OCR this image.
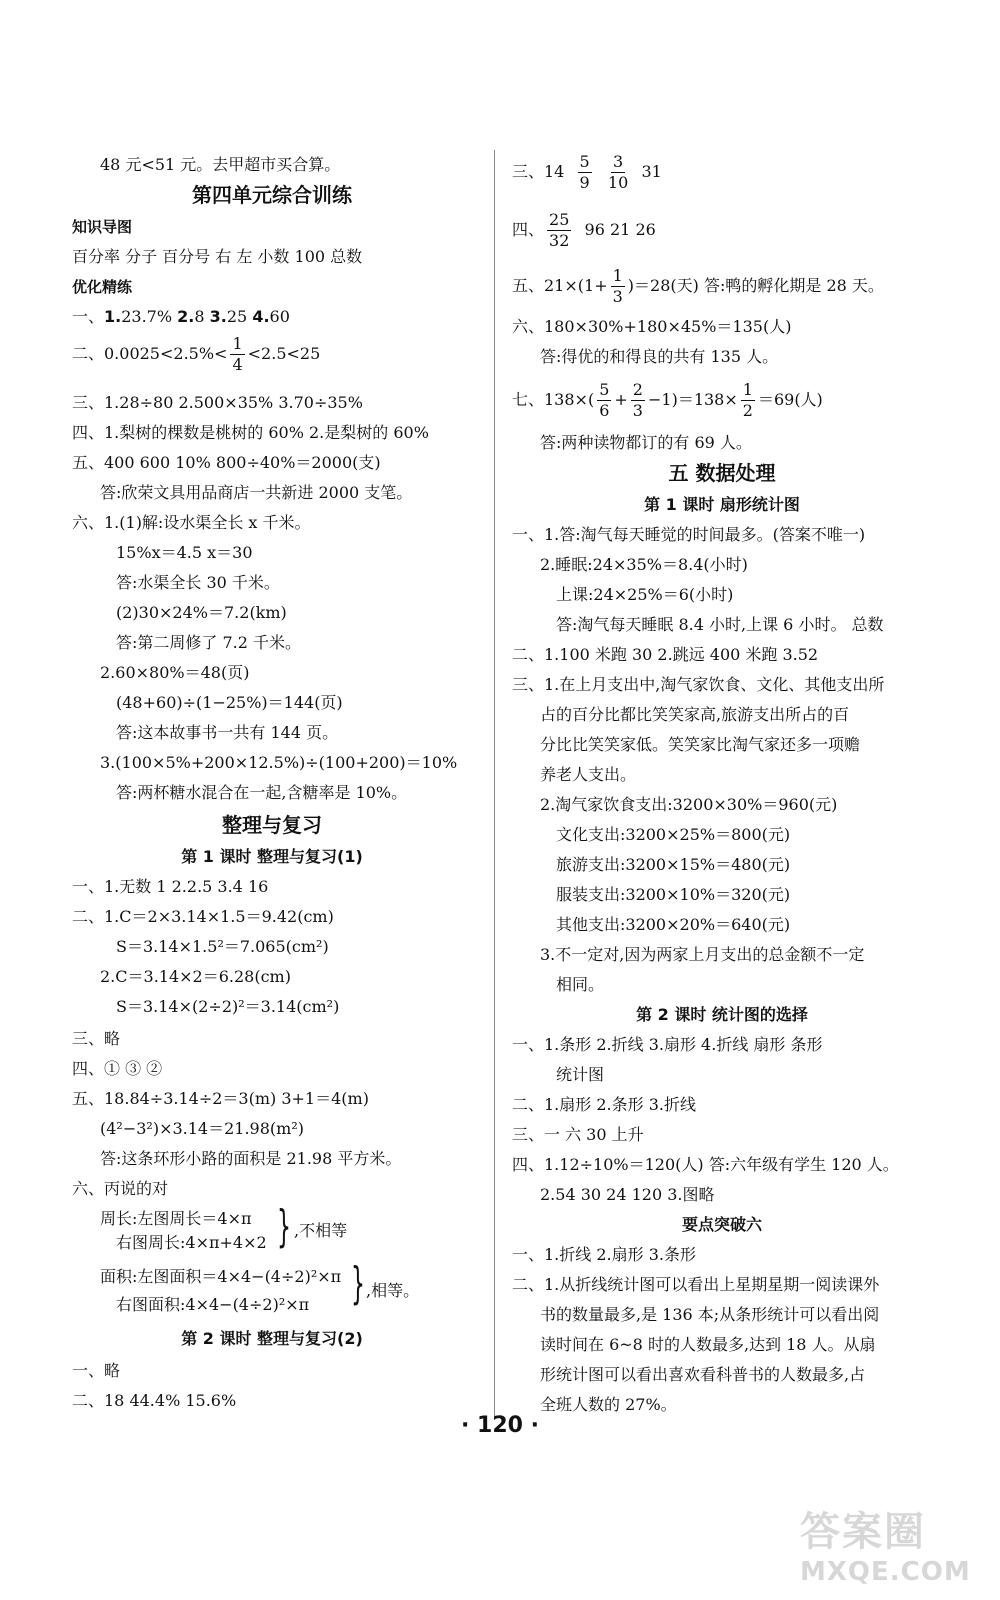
48 元<51 元。去甲超市买合算。
第四单元综合训练
知识导图
百分率 分子 百分号 右 左 小数 100 总数
优化精练
一、1.23.7% 2.8 3.25 4.60
二、$0.0025<2.5\%< \frac{1}{4} <2.5<25$
三、1.28÷80 2.500×35% 3.70÷35%
四、1.梨树的棵数是桃树的 60% 2.是梨树的 60%
五、400 600 10% 800÷40%＝2000(支)
答:欣荣文具用品商店一共新进 2000 支笔。
六、1.(1)解:设水渠全长 x 千米。
15%x＝4.5 x＝30
答:水渠全长 30 千米。
(2)30×24%＝7.2(km)
答:第二周修了 7.2 千米。
2.60×80%＝48(页)
(48+60)÷(1−25%)＝144(页)
答:这本故事书一共有 144 页。
3.(100×5%+200×12.5%)÷(100+200)＝10%
答:两杯糖水混合在一起,含糖率是 10%。
整理与复习
第 1 课时 整理与复习(1)
一、1.无数 1 2.2.5 3.4 16
二、1.C＝2×3.14×1.5＝9.42(cm)
S＝3.14×1.5²＝7.065(cm²)
2.C＝3.14×2＝6.28(cm)
S＝3.14×(2÷2)²＝3.14(cm²)
三、略
四、① ③ ②
五、18.84÷3.14÷2＝3(m) 3+1＝4(m)
(4²−3²)×3.14＝21.98(m²)
答:这条环形小路的面积是 21.98 平方米。
六、丙说的对
周长:左图周长＝4×π
右图周长:4×π+4×2 } ,不相等
面积:左图面积＝4×4−(4÷2)²×π
右图面积:4×4−(4÷2)²×π } ,相等。
第 2 课时 整理与复习(2)
一、略
二、18 44.4% 15.6%
三、$14 \frac{5}{9}$
$\frac{3}{10} 31$
四、 $\frac{25}{32} 96$ 21 26
五、$21\times(1+ \frac{1}{3} )=28$(天) 答:鸭的孵化期是 28 天。
六、180×30%+180×45%＝135(人)
答:得优的和得良的共有 135 人。
七、$138\times( \frac{5}{6} + \frac{2}{3} -1)=138\times \frac{1}{2} =69$(人)
答:两种读物都订的有 69 人。
五 数据处理
第 1 课时 扇形统计图
一、1.答:淘气每天睡觉的时间最多。(答案不唯一)
2.睡眠:24×35%＝8.4(小时)
上课:24×25%＝6(小时)
答:淘气每天睡眠 8.4 小时,上课 6 小时。 总数
二、1.100 米跑 30 2.跳远 400 米跑 3.52
三、1.在上月支出中,淘气家饮食、文化、其他支出所
占的百分比都比笑笑家高,旅游支出所占的百
分比比笑笑家低。笑笑家比淘气家还多一项赡
养老人支出。
2.淘气家饮食支出:3200×30%＝960(元)
文化支出:3200×25%＝800(元)
旅游支出:3200×15%＝480(元)
服装支出:3200×10%＝320(元)
其他支出:3200×20%＝640(元)
3.不一定对,因为两家上月支出的总金额不一定
相同。
第 2 课时 统计图的选择
一、1.条形 2.折线 3.扇形 4.折线 扇形 条形
统计图
二、1.扇形 2.条形 3.折线
三、一 六 30 上升
四、1.12÷10%＝120(人) 答:六年级有学生 120 人。
2.54 30 24 120 3.图略
要点突破六
一、1.折线 2.扇形 3.条形
二、1.从折线统计图可以看出上星期星期一阅读课外
书的数量最多,是 136 本;从条形统计可以看出阅
读时间在 6~8 时的人数最多,达到 18 人。从扇
形统计图可以看出喜欢看科普书的人数最多,占
全班人数的 27%。
· 120 ·
答案圈
MXQE.COM
